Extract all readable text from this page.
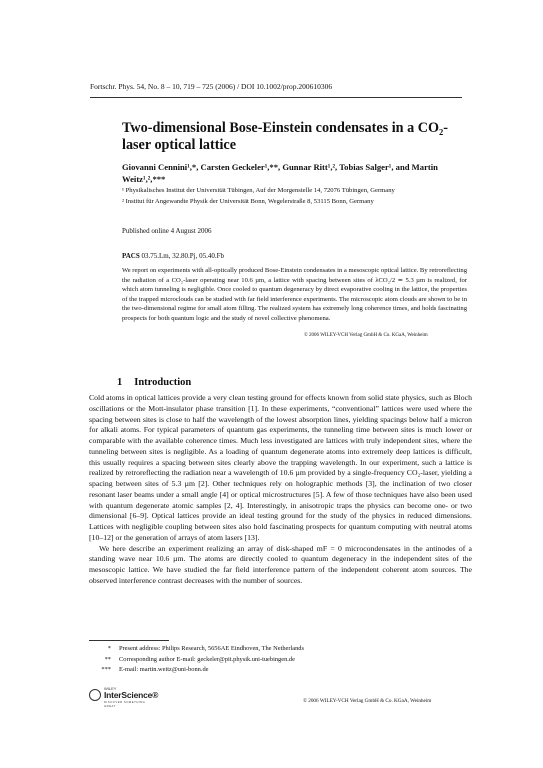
Fortschr. Phys. 54, No. 8 – 10, 719 – 725 (2006) / DOI 10.1002/prop.200610306
Two-dimensional Bose-Einstein condensates in a CO₂-laser optical lattice
Giovanni Cennini¹,*, Carsten Geckeler¹,**, Gunnar Ritt¹,², Tobias Salger¹, and Martin Weitz¹,²,***
¹ Physikalisches Institut der Universität Tübingen, Auf der Morgenstelle 14, 72076 Tübingen, Germany
² Institut für Angewandte Physik der Universität Bonn, Wegelerstraße 8, 53115 Bonn, Germany
Published online 4 August 2006
PACS 03.75.Lm, 32.80.Pj, 05.40.Fb
We report on experiments with all-optically produced Bose-Einstein condensates in a mesoscopic optical lattice. By retroreflecting the radiation of a CO₂-laser operating near 10.6 µm, a lattice with spacing between sites of λCO₂/2 ≃ 5.3 µm is realized, for which atom tunneling is negligible. Once cooled to quantum degeneracy by direct evaporative cooling in the lattice, the properties of the trapped microclouds can be studied with far field interference experiments. The microscopic atom clouds are shown to be in the two-dimensional regime for small atom filling. The realized system has extremely long coherence times, and holds fascinating prospects for both quantum logic and the study of novel collective phenomena.
© 2006 WILEY-VCH Verlag GmbH & Co. KGaA, Weinheim
1 Introduction

Cold atoms in optical lattices provide a very clean testing ground for effects known from solid state physics, such as Bloch oscillations or the Mott-insulator phase transition [1]. In these experiments, “conventional” lattices were used where the spacing between sites is close to half the wavelength of the lowest absorption lines, yielding spacings below half a micron for alkali atoms. For typical parameters of quantum gas experiments, the tunneling time between sites is much lower or comparable with the available coherence times. Much less investigated are lattices with truly independent sites, where the tunneling between sites is negligible. As a loading of quantum degenerate atoms into extremely deep lattices is difficult, this usually requires a spacing between sites clearly above the trapping wavelength. In our experiment, such a lattice is realized by retroreflecting the radiation near a wavelength of 10.6 µm provided by a single-frequency CO₂-laser, yielding a spacing between sites of 5.3 µm [2]. Other techniques rely on holographic methods [3], the inclination of two closer resonant laser beams under a small angle [4] or optical microstructures [5]. A few of those techniques have also been used with quantum degenerate atomic samples [2, 4]. Interestingly, in anisotropic traps the physics can become one- or two dimensional [6–9]. Optical lattices provide an ideal testing ground for the study of the physics in reduced dimensions. Lattices with negligible coupling between sites also hold fascinating prospects for quantum computing with neutral atoms [10–12] or the generation of arrays of atom lasers [13].

We here describe an experiment realizing an array of disk-shaped mF = 0 microcondensates in the antinodes of a standing wave near 10.6 µm. The atoms are directly cooled to quantum degeneracy in the independent sites of the mesoscopic lattice. We have studied the far field interference pattern of the independent coherent atom sources. The observed interference contrast decreases with the number of sources.

* Present address: Philips Research, 5656AE Eindhoven, The Netherlands
** Corresponding author E-mail: geckeler@pit.physik.uni-tuebingen.de
*** E-mail: martin.weitz@uni-bonn.de
WILEY
InterScience®
DISCOVER SOMETHING GREAT
© 2006 WILEY-VCH Verlag GmbH & Co. KGaA, Weinheim
